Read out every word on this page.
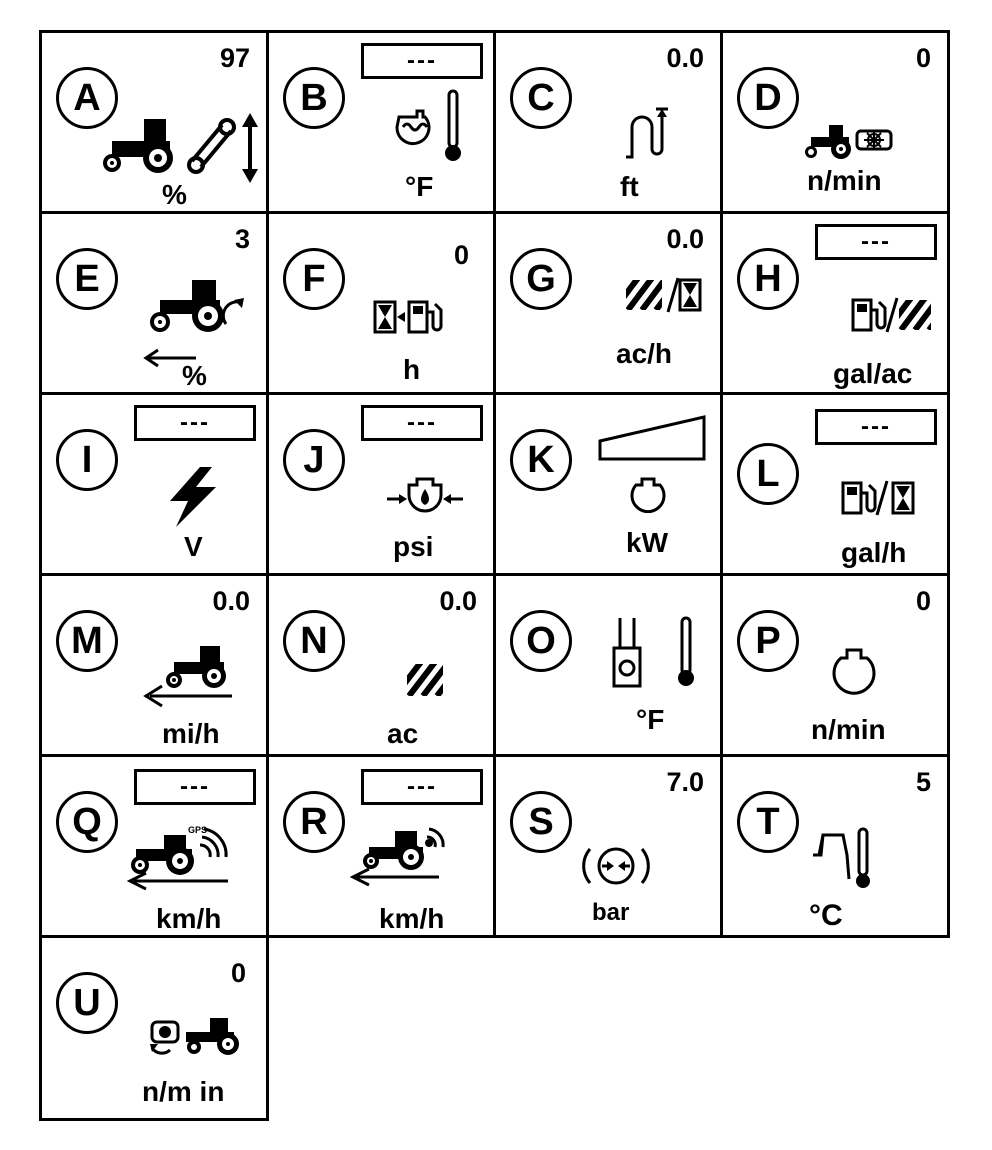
A
97
%
B
---
°F
C
0.0
ft
D
0
n/min
E
3
%
F
0
h
G
0.0
ac/h
H
---
gal/ac
I
---
V
J
---
psi
K
kW
L
---
gal/h
M
0.0
mi/h
N
0.0
ac
O
°F
P
0
n/min
Q
---
GPS
km/h
R
---
km/h
S
7.0
bar
T
5
°C
U
0
n/m in
